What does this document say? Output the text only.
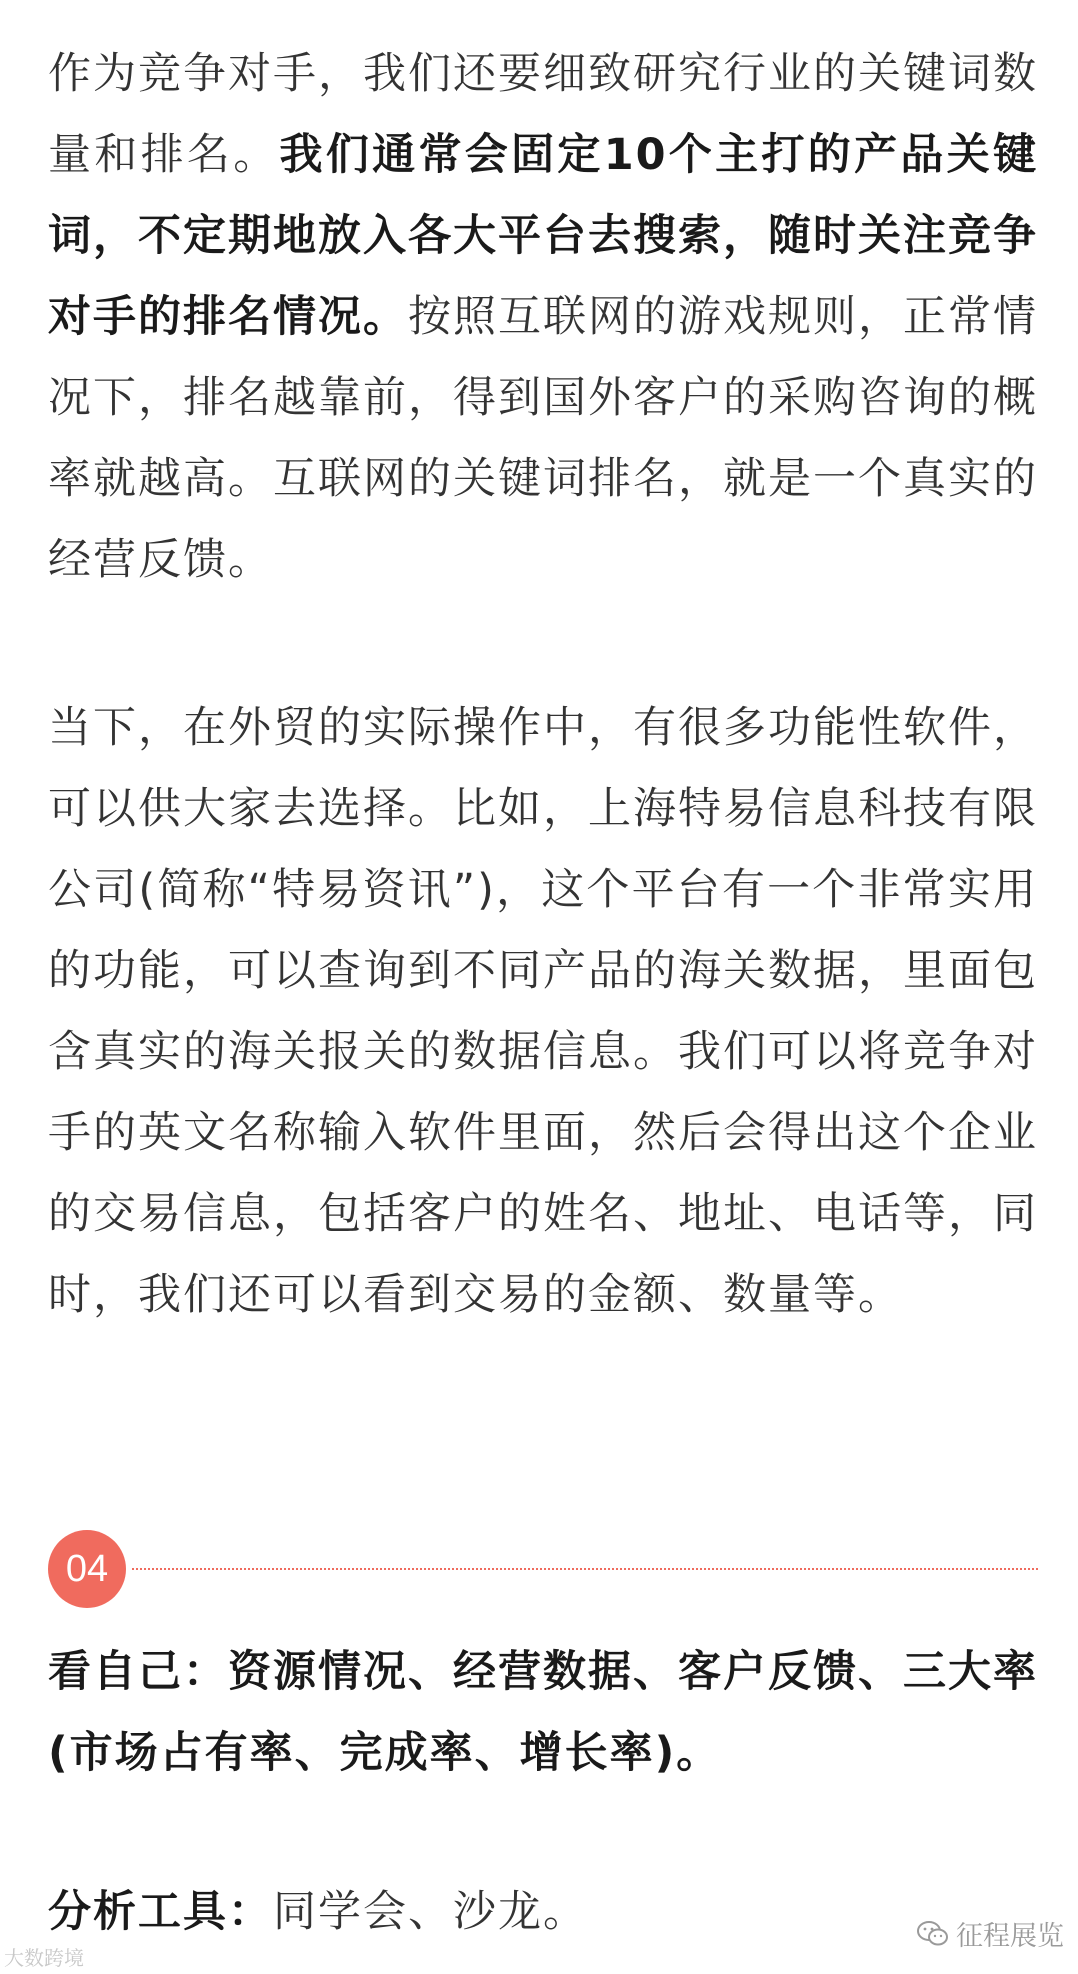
作为竞争对手，我们还要细致研究行业的关键词数量和排名。我们通常会固定10个主打的产品关键词，不定期地放入各大平台去搜索，随时关注竞争对手的排名情况。按照互联网的游戏规则，正常情况下，排名越靠前，得到国外客户的采购咨询的概率就越高。互联网的关键词排名，就是一个真实的经营反馈。

当下，在外贸的实际操作中，有很多功能性软件，可以供大家去选择。比如，上海特易信息科技有限公司(简称“特易资讯”)，这个平台有一个非常实用的功能，可以查询到不同产品的海关数据，里面包含真实的海关报关的数据信息。我们可以将竞争对手的英文名称输入软件里面，然后会得出这个企业的交易信息，包括客户的姓名、地址、电话等，同时，我们还可以看到交易的金额、数量等。

04

看自己：资源情况、经营数据、客户反馈、三大率(市场占有率、完成率、增长率)。

分析工具：同学会、沙龙。

大数跨境
征程展览
